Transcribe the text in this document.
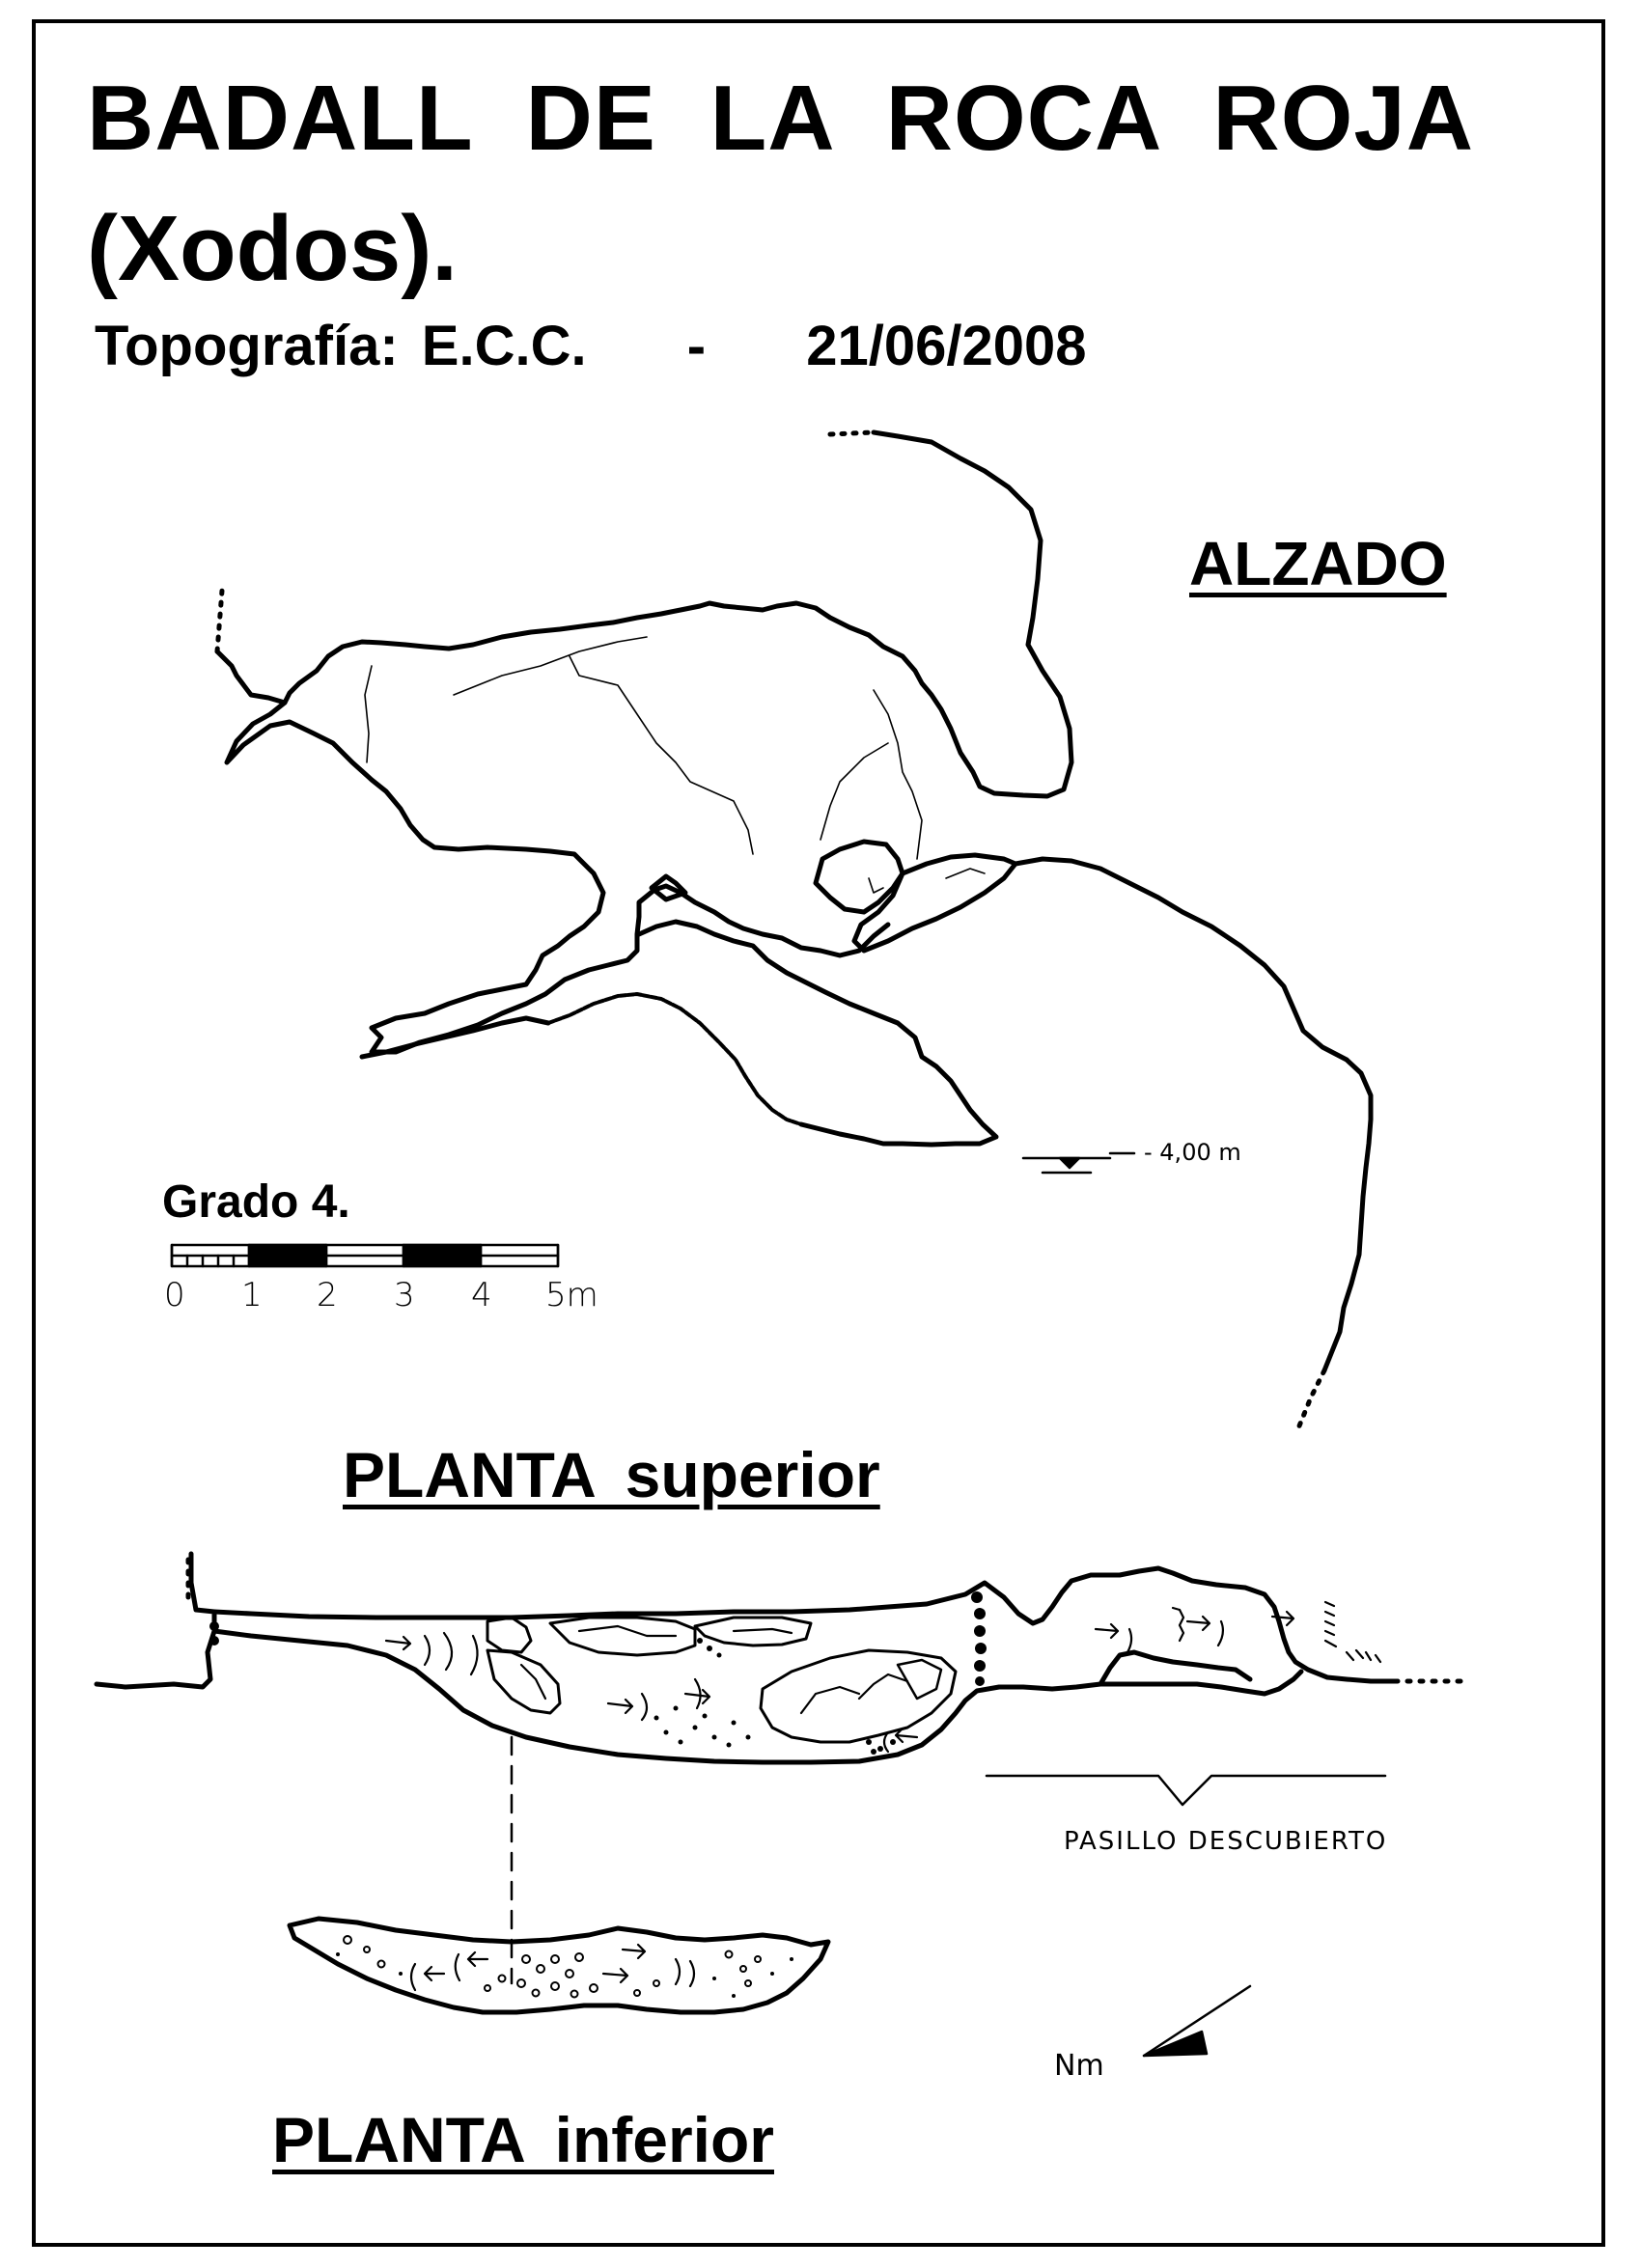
BADALL DE LA ROCA ROJA
(Xodos).
Topografía: E.C.C. - 21/06/2008
ALZADO
PLANTA superior
PLANTA inferior
Grado 4.
- 4,00 m
PASILLO DESCUBIERTO
Nm
0 1 2 3 4 5m
